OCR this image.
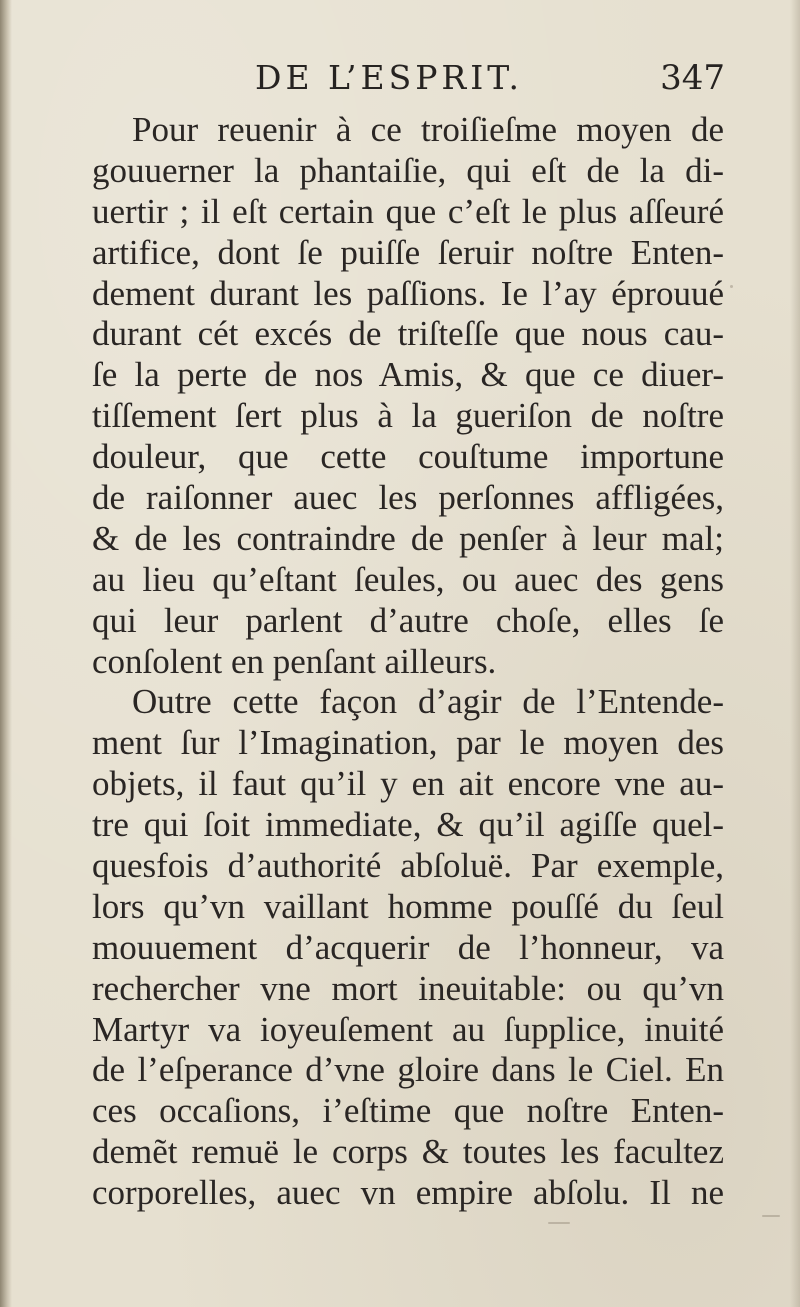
DE L’ESPRIT.	347
Pour reuenir à ce troiſieſme moyen de
gouuerner la phantaiſie, qui eſt de la di-
uertir ; il eſt certain que c’eſt le plus aſſeuré
artifice, dont ſe puiſſe ſeruir noſtre Enten-
dement durant les paſſions. Ie l’ay éprouué
durant cét excés de triſteſſe que nous cau-
ſe la perte de nos Amis, & que ce diuer-
tiſſement ſert plus à la gueriſon de noſtre
douleur, que cette couſtume importune
de raiſonner auec les perſonnes affligées,
& de les contraindre de penſer à leur mal;
au lieu qu’eſtant ſeules, ou auec des gens
qui leur parlent d’autre choſe, elles ſe
conſolent en penſant ailleurs.
Outre cette façon d’agir de l’Entende-
ment ſur l’Imagination, par le moyen des
objets, il faut qu’il y en ait encore vne au-
tre qui ſoit immediate, & qu’il agiſſe quel-
quesfois d’authorité abſoluë. Par exemple,
lors qu’vn vaillant homme pouſſé du ſeul
mouuement d’acquerir de l’honneur, va
rechercher vne mort ineuitable: ou qu’vn
Martyr va ioyeuſement au ſupplice, inuité
de l’eſperance d’vne gloire dans le Ciel. En
ces occaſions, i’eſtime que noſtre Enten-
demẽt remuë le corps & toutes les facultez
corporelles, auec vn empire abſolu. Il ne
